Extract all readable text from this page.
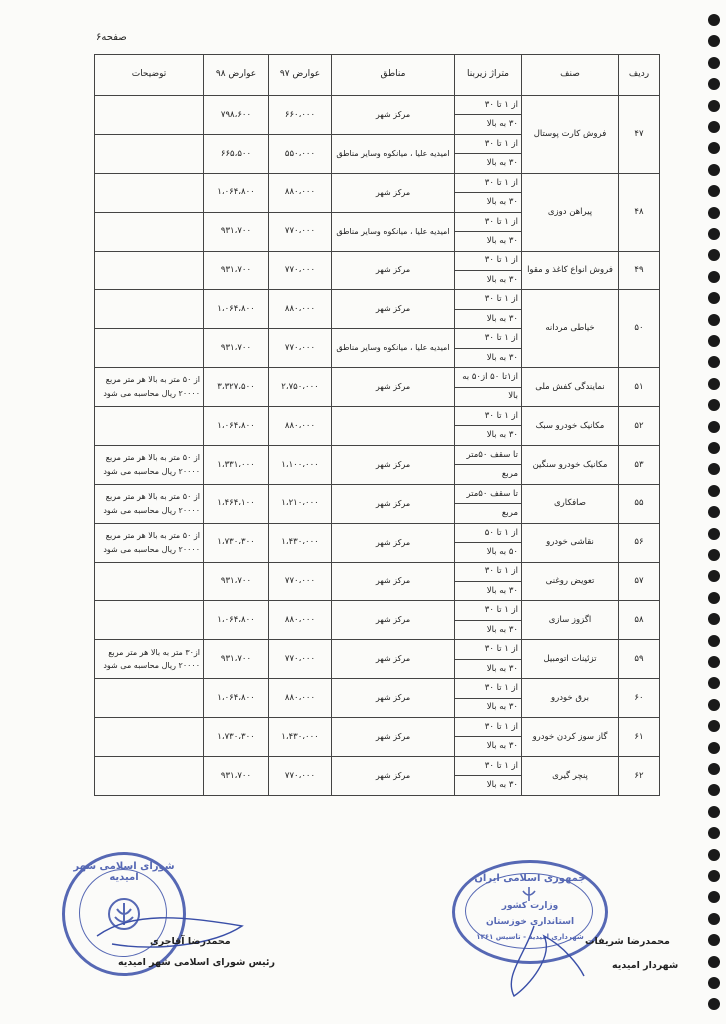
صفحه۶
ردیف	صنف	متراژ زیربنا	مناطق	عوارض ۹۷	عوارض ۹۸	توضیحات
۴۷	فروش کارت پوستال	از ۱ تا ۳۰	مرکز شهر	۶۶۰،۰۰۰	۷۹۸،۶۰۰	
		۳۰ به بالا				
		از ۱ تا ۳۰	امیدیه علیا ، میانکوه وسایر مناطق	۵۵۰،۰۰۰	۶۶۵،۵۰۰	
		۳۰ به بالا				
۴۸	پیراهن دوزی	از ۱ تا ۳۰	مرکز شهر	۸۸۰،۰۰۰	۱،۰۶۴،۸۰۰	
		۳۰ به بالا				
		از ۱ تا ۳۰	امیدیه علیا ، میانکوه وسایر مناطق	۷۷۰،۰۰۰	۹۳۱،۷۰۰	
		۳۰ به بالا				
۴۹	فروش انواع کاغذ و مقوا	از ۱ تا ۳۰	مرکز شهر	۷۷۰،۰۰۰	۹۳۱،۷۰۰	
		۳۰ به بالا				
۵۰	خیاطی مردانه	از ۱ تا ۳۰	مرکز شهر	۸۸۰،۰۰۰	۱،۰۶۴،۸۰۰	
		۳۰ به بالا				
		از ۱ تا ۳۰	امیدیه علیا ، میانکوه وسایر مناطق	۷۷۰،۰۰۰	۹۳۱،۷۰۰	
		۳۰ به بالا				
۵۱	نمایندگی کفش ملی	از۱تا ۵۰ از۵۰ به	مرکز شهر	۲،۷۵۰،۰۰۰	۳،۳۲۷،۵۰۰	از ۵۰ متر به بالا هر متر مربع ۲۰۰۰۰ ریال محاسبه می شود
		بالا				
۵۲	مکانیک خودرو سبک	از ۱ تا ۳۰		۸۸۰،۰۰۰	۱،۰۶۴،۸۰۰	
		۳۰ به بالا				
۵۳	مکانیک خودرو سنگین	تا سقف ۵۰متر	مرکز شهر	۱،۱۰۰،۰۰۰	۱،۳۳۱،۰۰۰	از ۵۰ متر به بالا هر متر مربع ۲۰۰۰۰ ریال محاسبه می شود
		مربع				
۵۵	صافکاری	تا سقف ۵۰متر	مرکز شهر	۱،۲۱۰،۰۰۰	۱،۴۶۴،۱۰۰	از ۵۰ متر به بالا هر متر مربع ۲۰۰۰۰ ریال محاسبه می شود
		مربع				
۵۶	نقاشی خودرو	از ۱ تا ۵۰	مرکز شهر	۱،۴۳۰،۰۰۰	۱،۷۳۰،۳۰۰	از ۵۰ متر به بالا هر متر مربع ۲۰۰۰۰ ریال محاسبه می شود
		۵۰ به بالا				
۵۷	تعویض روغنی	از ۱ تا ۳۰	مرکز شهر	۷۷۰،۰۰۰	۹۳۱،۷۰۰	
		۳۰ به بالا				
۵۸	اگزوز سازی	از ۱ تا ۳۰	مرکز شهر	۸۸۰،۰۰۰	۱،۰۶۴،۸۰۰	
		۳۰ به بالا				
۵۹	تزئینات اتومبیل	از ۱ تا ۳۰	مرکز شهر	۷۷۰،۰۰۰	۹۳۱،۷۰۰	از۳۰ متر به بالا هر متر مربع ۲۰۰۰۰ ریال محاسبه می شود
		۳۰ به بالا				
۶۰	برق خودرو	از ۱ تا ۳۰	مرکز شهر	۸۸۰،۰۰۰	۱،۰۶۴،۸۰۰	
		۳۰ به بالا				
۶۱	گاز سوز کردن خودرو	از ۱ تا ۳۰	مرکز شهر	۱،۴۳۰،۰۰۰	۱،۷۳۰،۳۰۰	
		۳۰ به بالا				
۶۲	پنچر گیری	از ۱ تا ۳۰	مرکز شهر	۷۷۰،۰۰۰	۹۳۱،۷۰۰	
		۳۰ به بالا				
شورای اسلامی شهر امیدیه
محمدرضا آقاجری
رئیس شورای اسلامی شهر امیدیه
جمهوری اسلامی ایران
وزارت کشور
استانداری خوزستان
شهرداری امیدیه - تاسیس ۱۳۶۱ محمدرضا شریفات
شهردار امیدیه
